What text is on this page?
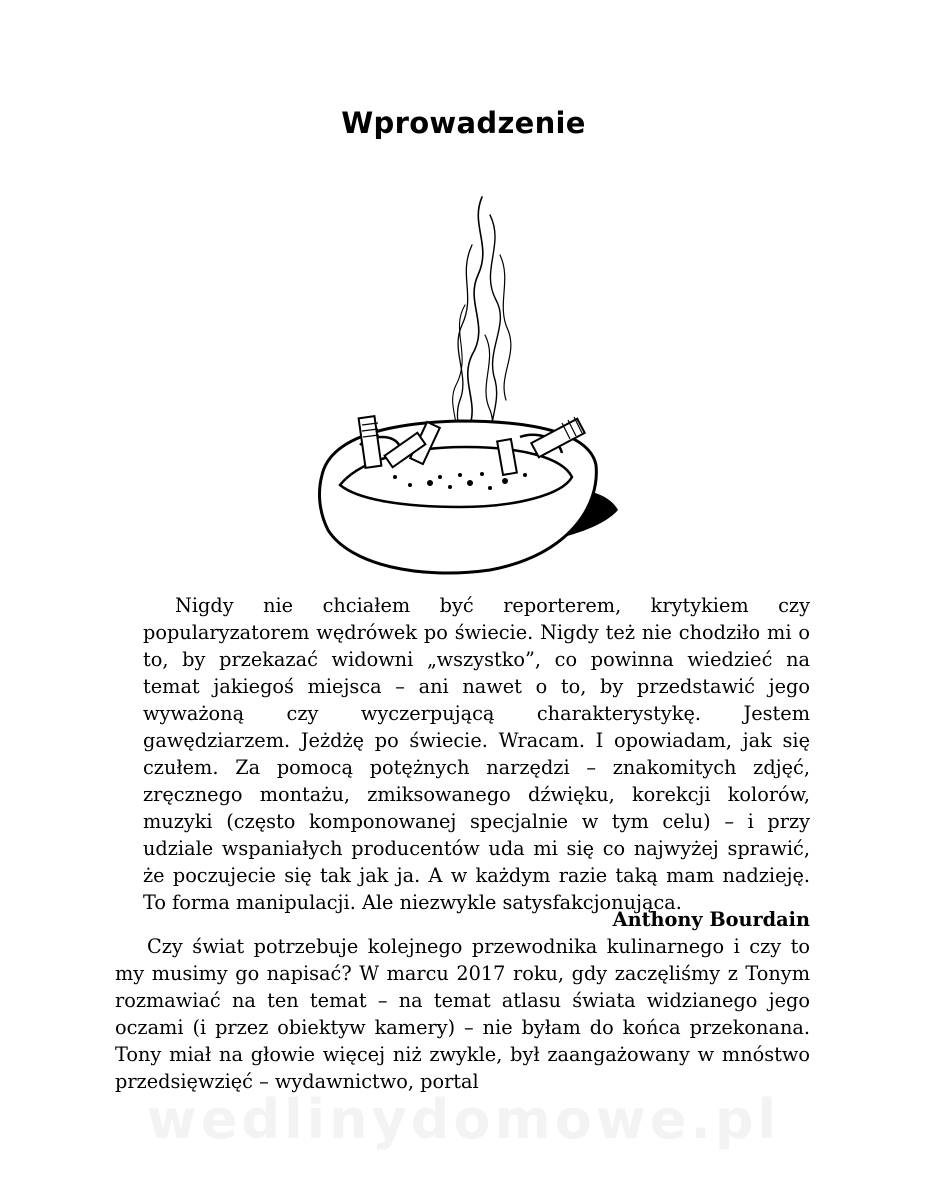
Wprowadzenie

Nigdy nie chciałem być reporterem, krytykiem czy popularyzatorem wędrówek po świecie. Nigdy też nie chodziło mi o to, by przekazać widowni „wszystko”, co powinna wiedzieć na temat jakiegoś miejsca – ani nawet o to, by przedstawić jego wyważoną czy wyczerpującą charakterystykę. Jestem gawędziarzem. Jeżdżę po świecie. Wracam. I opowiadam, jak się czułem. Za pomocą potężnych narzędzi – znakomitych zdjęć, zręcznego montażu, zmiksowanego dźwięku, korekcji kolorów, muzyki (często komponowanej specjalnie w tym celu) – i przy udziale wspaniałych producentów uda mi się co najwyżej sprawić, że poczujecie się tak jak ja. A w każdym razie taką mam nadzieję. To forma manipulacji. Ale niezwykle satysfakcjonująca.

Anthony Bourdain

Czy świat potrzebuje kolejnego przewodnika kulinarnego i czy to my musimy go napisać? W marcu 2017 roku, gdy zaczęliśmy z Tonym rozmawiać na ten temat – na temat atlasu świata widzianego jego oczami (i przez obiektyw kamery) – nie byłam do końca przekonana. Tony miał na głowie więcej niż zwykle, był zaangażowany w mnóstwo przedsięwzięć – wydawnictwo, portal

wedlinydomowe.pl
